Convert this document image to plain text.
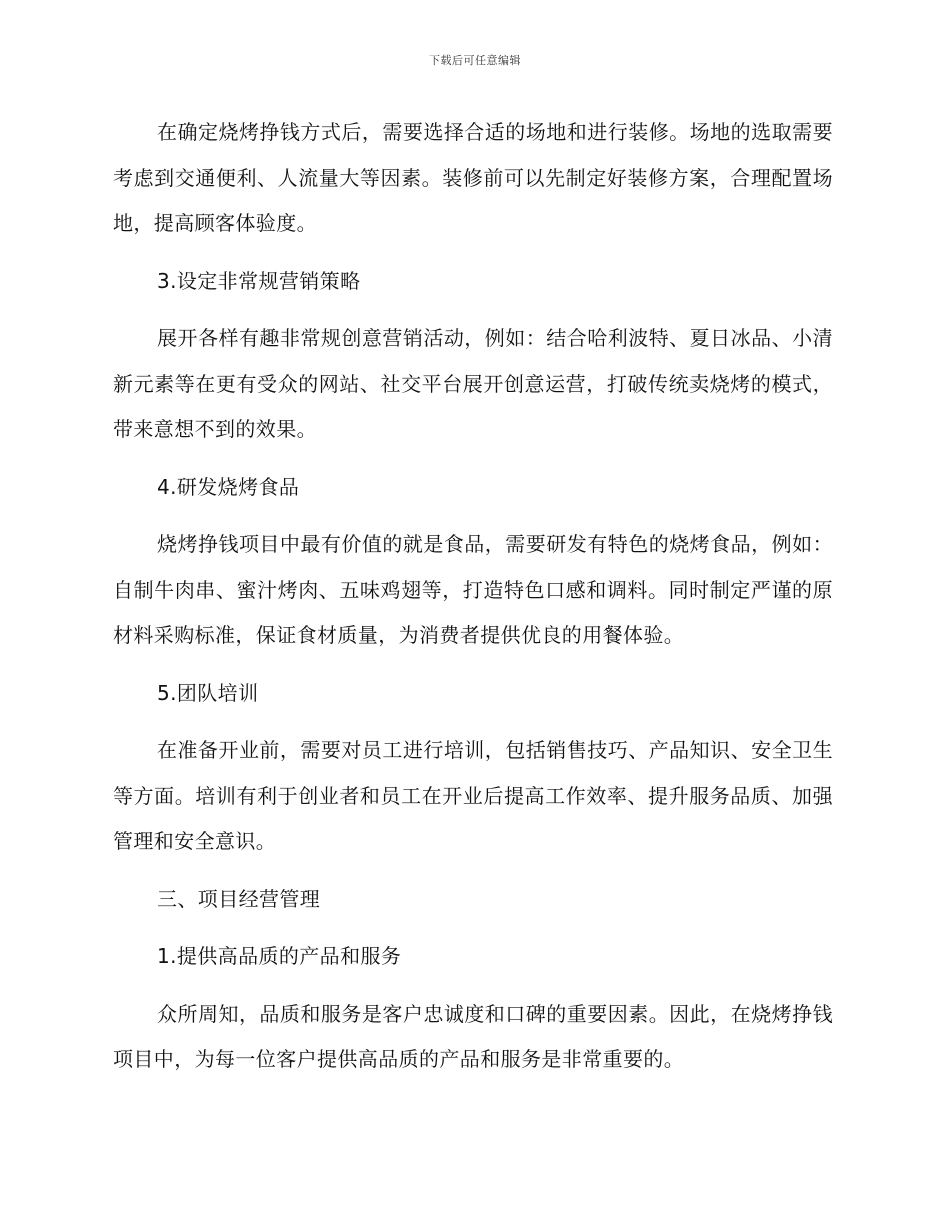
下载后可任意编辑

在确定烧烤挣钱方式后，需要选择合适的场地和进行装修。场地的选取需要考虑到交通便利、人流量大等因素。装修前可以先制定好装修方案，合理配置场地，提高顾客体验度。

3.设定非常规营销策略

展开各样有趣非常规创意营销活动，例如：结合哈利波特、夏日冰品、小清新元素等在更有受众的网站、社交平台展开创意运营，打破传统卖烧烤的模式，带来意想不到的效果。

4.研发烧烤食品

烧烤挣钱项目中最有价值的就是食品，需要研发有特色的烧烤食品，例如：自制牛肉串、蜜汁烤肉、五味鸡翅等，打造特色口感和调料。同时制定严谨的原材料采购标准，保证食材质量，为消费者提供优良的用餐体验。

5.团队培训

在准备开业前，需要对员工进行培训，包括销售技巧、产品知识、安全卫生等方面。培训有利于创业者和员工在开业后提高工作效率、提升服务品质、加强管理和安全意识。

三、项目经营管理

1.提供高品质的产品和服务

众所周知，品质和服务是客户忠诚度和口碑的重要因素。因此，在烧烤挣钱项目中，为每一位客户提供高品质的产品和服务是非常重要的。
